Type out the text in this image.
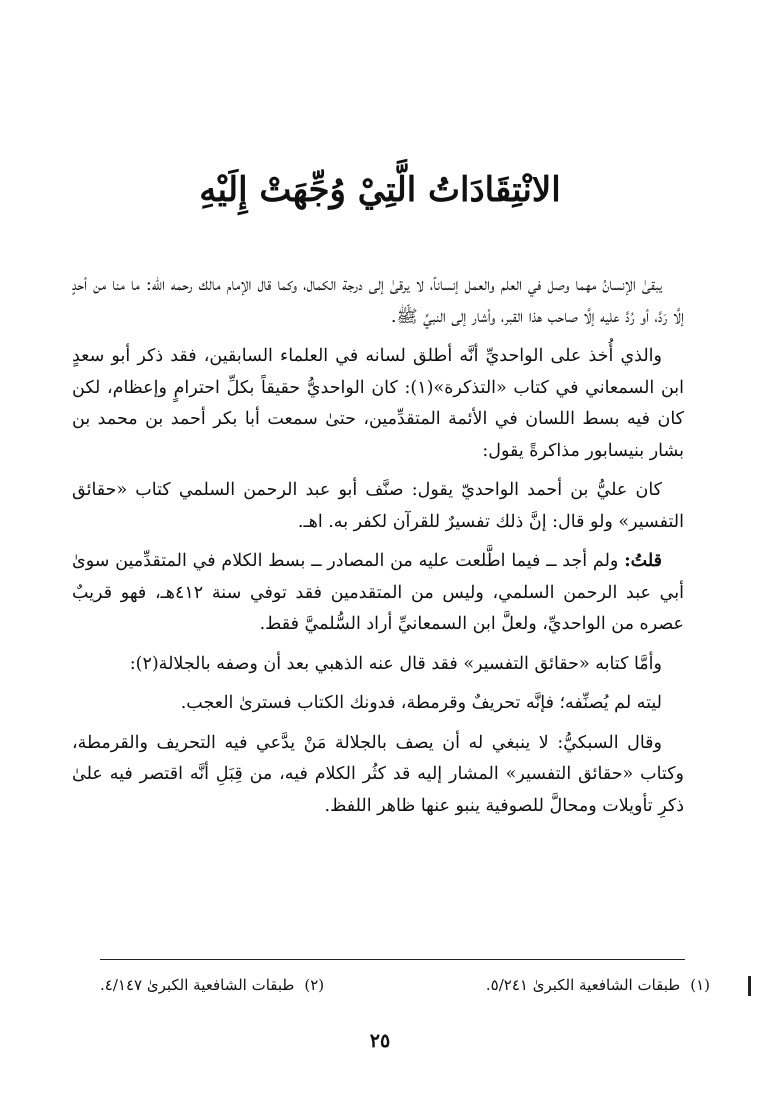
الانْتِقَادَاتُ الَّتِيْ وُجِّهَتْ إِلَيْهِ

يبقىٰ الإنسانُ مهما وصل في العلم والعمل إنساناً، لا يرقىٰ إلى درجة الكمال، وكما قال الإمام مالك رحمه الله: ما منا من أحدٍ إلَّا رَدَّ، أو رُدَّ عليه إلَّا صاحب هذا القبر، وأشار إلى النبيِّ ﷺ.

والذي أُخذ على الواحديِّ أنَّه أطلق لسانه في العلماء السابقين، فقد ذكر أبو سعدٍ ابن السمعاني في كتاب «التذكرة»(١): كان الواحديُّ حقيقاً بكلِّ احترامٍ وإعظام، لكن كان فيه بسط اللسان في الأئمة المتقدِّمين، حتىٰ سمعت أبا بكر أحمد بن محمد بن بشار بنيسابور مذاكرةً يقول:

كان عليُّ بن أحمد الواحديّ يقول: صنَّف أبو عبد الرحمن السلمي كتاب «حقائق التفسير» ولو قال: إنَّ ذلك تفسيرٌ للقرآن لكفر به. اهـ.

قلتُ: ولم أجد ــ فيما اطَّلعت عليه من المصادر ــ بسط الكلام في المتقدِّمين سوىٰ أبي عبد الرحمن السلمي، وليس من المتقدمين فقد توفي سنة ٤١٢هـ، فهو قريبٌ عصره من الواحديِّ، ولعلَّ ابن السمعانيِّ أراد السُّلميَّ فقط.

وأمَّا كتابه «حقائق التفسير» فقد قال عنه الذهبي بعد أن وصفه بالجلالة(٢):

ليته لم يُصنِّفه؛ فإنَّه تحريفٌ وقرمطة، فدونك الكتاب فسترىٰ العجب.

وقال السبكيُّ: لا ينبغي له أن يصف بالجلالة مَنْ يدَّعي فيه التحريف والقرمطة، وكتاب «حقائق التفسير» المشار إليه قد كثُر الكلام فيه، من قِبَلِ أنَّه اقتصر فيه علىٰ ذكرِ تأويلات ومحالَّ للصوفية ينبو عنها ظاهر اللفظ.

(١)طبقات الشافعية الكبرىٰ ٥/٢٤١.
(٢)طبقات الشافعية الكبرىٰ ٤/١٤٧.
٢٥
